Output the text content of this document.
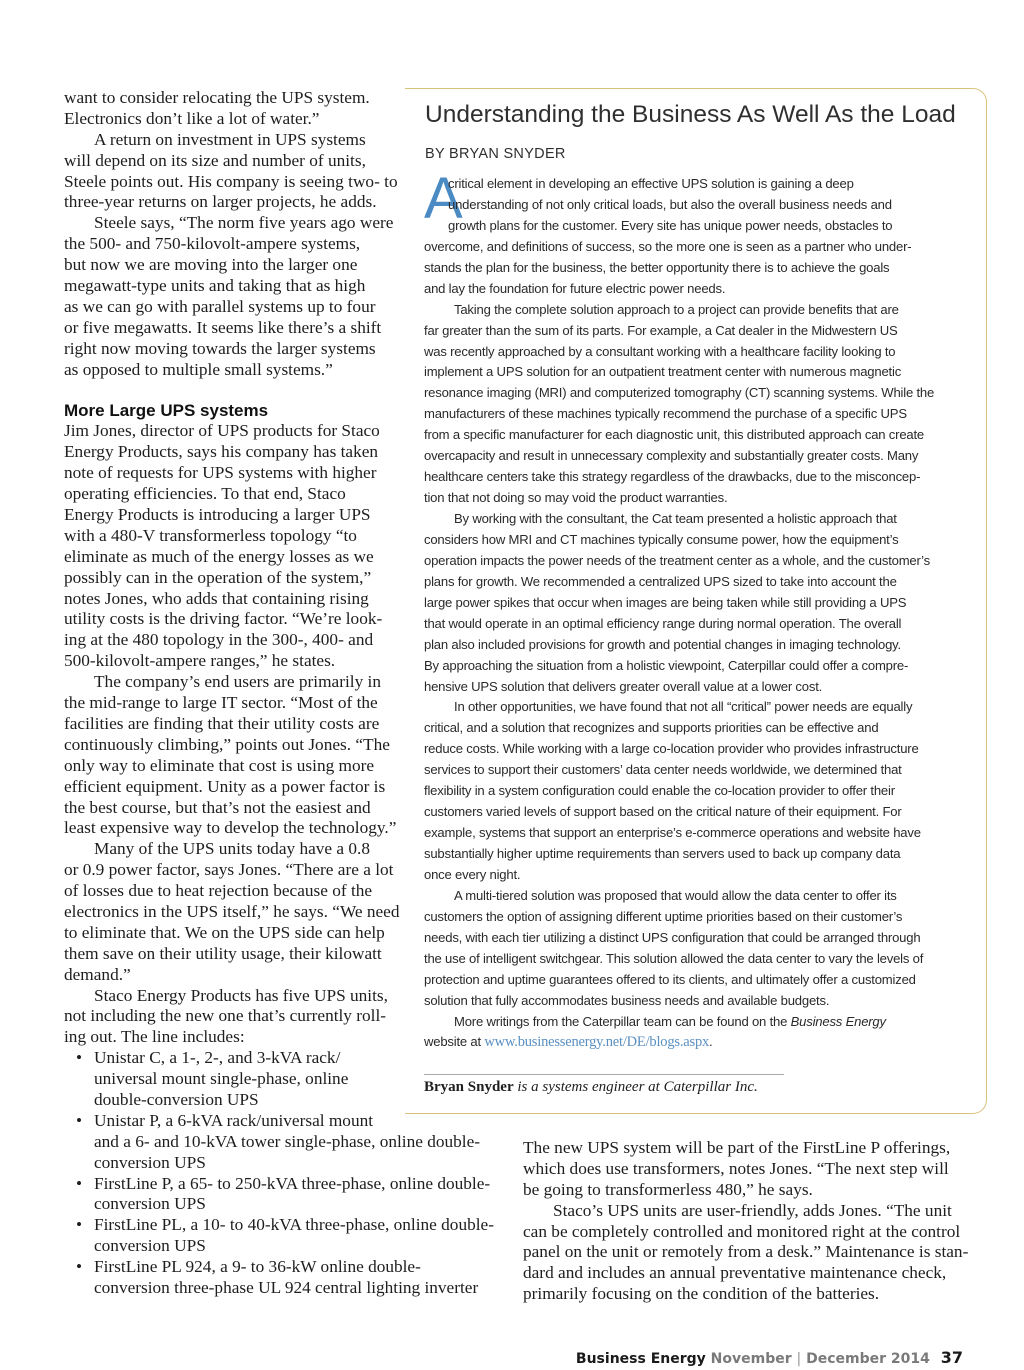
want to consider relocating the UPS system.
Electronics don’t like a lot of water.”
A return on investment in UPS systems
will depend on its size and number of units,
Steele points out. His company is seeing two- to
three-year returns on larger projects, he adds.
Steele says, “The norm five years ago were
the 500- and 750-kilovolt-ampere systems,
but now we are moving into the larger one
megawatt-type units and taking that as high
as we can go with parallel systems up to four
or five megawatts. It seems like there’s a shift
right now moving towards the larger systems
as opposed to multiple small systems.”
More Large UPS systems
Jim Jones, director of UPS products for Staco
Energy Products, says his company has taken
note of requests for UPS systems with higher
operating efficiencies. To that end, Staco
Energy Products is introducing a larger UPS
with a 480-V transformerless topology “to
eliminate as much of the energy losses as we
possibly can in the operation of the system,”
notes Jones, who adds that containing rising
utility costs is the driving factor. “We’re look-
ing at the 480 topology in the 300-, 400- and
500-kilovolt-ampere ranges,” he states.
The company’s end users are primarily in
the mid-range to large IT sector. “Most of the
facilities are finding that their utility costs are
continuously climbing,” points out Jones. “The
only way to eliminate that cost is using more
efficient equipment. Unity as a power factor is
the best course, but that’s not the easiest and
least expensive way to develop the technology.”
Many of the UPS units today have a 0.8
or 0.9 power factor, says Jones. “There are a lot
of losses due to heat rejection because of the
electronics in the UPS itself,” he says. “We need
to eliminate that. We on the UPS side can help
them save on their utility usage, their kilowatt
demand.”
Staco Energy Products has five UPS units,
not including the new one that’s currently roll-
ing out. The line includes:
• Unistar C, a 1-, 2-, and 3-kVA rack/
universal mount single-phase, online
double-conversion UPS
• Unistar P, a 6-kVA rack/universal mount
and a 6- and 10-kVA tower single-phase, online double-
conversion UPS
• FirstLine P, a 65- to 250-kVA three-phase, online double-
conversion UPS
• FirstLine PL, a 10- to 40-kVA three-phase, online double-
conversion UPS
• FirstLine PL 924, a 9- to 36-kW online double-
conversion three-phase UL 924 central lighting inverter
Understanding the Business As Well As the Load
BY BRYAN SNYDER
A
critical element in developing an effective UPS solution is gaining a deep
understanding of not only critical loads, but also the overall business needs and
growth plans for the customer. Every site has unique power needs, obstacles to
overcome, and definitions of success, so the more one is seen as a partner who under-
stands the plan for the business, the better opportunity there is to achieve the goals
and lay the foundation for future electric power needs.
Taking the complete solution approach to a project can provide benefits that are
far greater than the sum of its parts. For example, a Cat dealer in the Midwestern US
was recently approached by a consultant working with a healthcare facility looking to
implement a UPS solution for an outpatient treatment center with numerous magnetic
resonance imaging (MRI) and computerized tomography (CT) scanning systems. While the
manufacturers of these machines typically recommend the purchase of a specific UPS
from a specific manufacturer for each diagnostic unit, this distributed approach can create
overcapacity and result in unnecessary complexity and substantially greater costs. Many
healthcare centers take this strategy regardless of the drawbacks, due to the misconcep-
tion that not doing so may void the product warranties.
By working with the consultant, the Cat team presented a holistic approach that
considers how MRI and CT machines typically consume power, how the equipment’s
operation impacts the power needs of the treatment center as a whole, and the customer’s
plans for growth. We recommended a centralized UPS sized to take into account the
large power spikes that occur when images are being taken while still providing a UPS
that would operate in an optimal efficiency range during normal operation. The overall
plan also included provisions for growth and potential changes in imaging technology.
By approaching the situation from a holistic viewpoint, Caterpillar could offer a compre-
hensive UPS solution that delivers greater overall value at a lower cost.
In other opportunities, we have found that not all “critical” power needs are equally
critical, and a solution that recognizes and supports priorities can be effective and
reduce costs. While working with a large co-location provider who provides infrastructure
services to support their customers’ data center needs worldwide, we determined that
flexibility in a system configuration could enable the co-location provider to offer their
customers varied levels of support based on the critical nature of their equipment. For
example, systems that support an enterprise’s e-commerce operations and website have
substantially higher uptime requirements than servers used to back up company data
once every night.
A multi-tiered solution was proposed that would allow the data center to offer its
customers the option of assigning different uptime priorities based on their customer’s
needs, with each tier utilizing a distinct UPS configuration that could be arranged through
the use of intelligent switchgear. This solution allowed the data center to vary the levels of
protection and uptime guarantees offered to its clients, and ultimately offer a customized
solution that fully accommodates business needs and available budgets.
More writings from the Caterpillar team can be found on the Business Energy
website at www.businessenergy.net/DE/blogs.aspx.
Bryan Snyder is a systems engineer at Caterpillar Inc.
The new UPS system will be part of the FirstLine P offerings,
which does use transformers, notes Jones. “The next step will
be going to transformerless 480,” he says.
Staco’s UPS units are user-friendly, adds Jones. “The unit
can be completely controlled and monitored right at the control
panel on the unit or remotely from a desk.” Maintenance is stan-
dard and includes an annual preventative maintenance check,
primarily focusing on the condition of the batteries.
Business Energy November | December 2014 37
